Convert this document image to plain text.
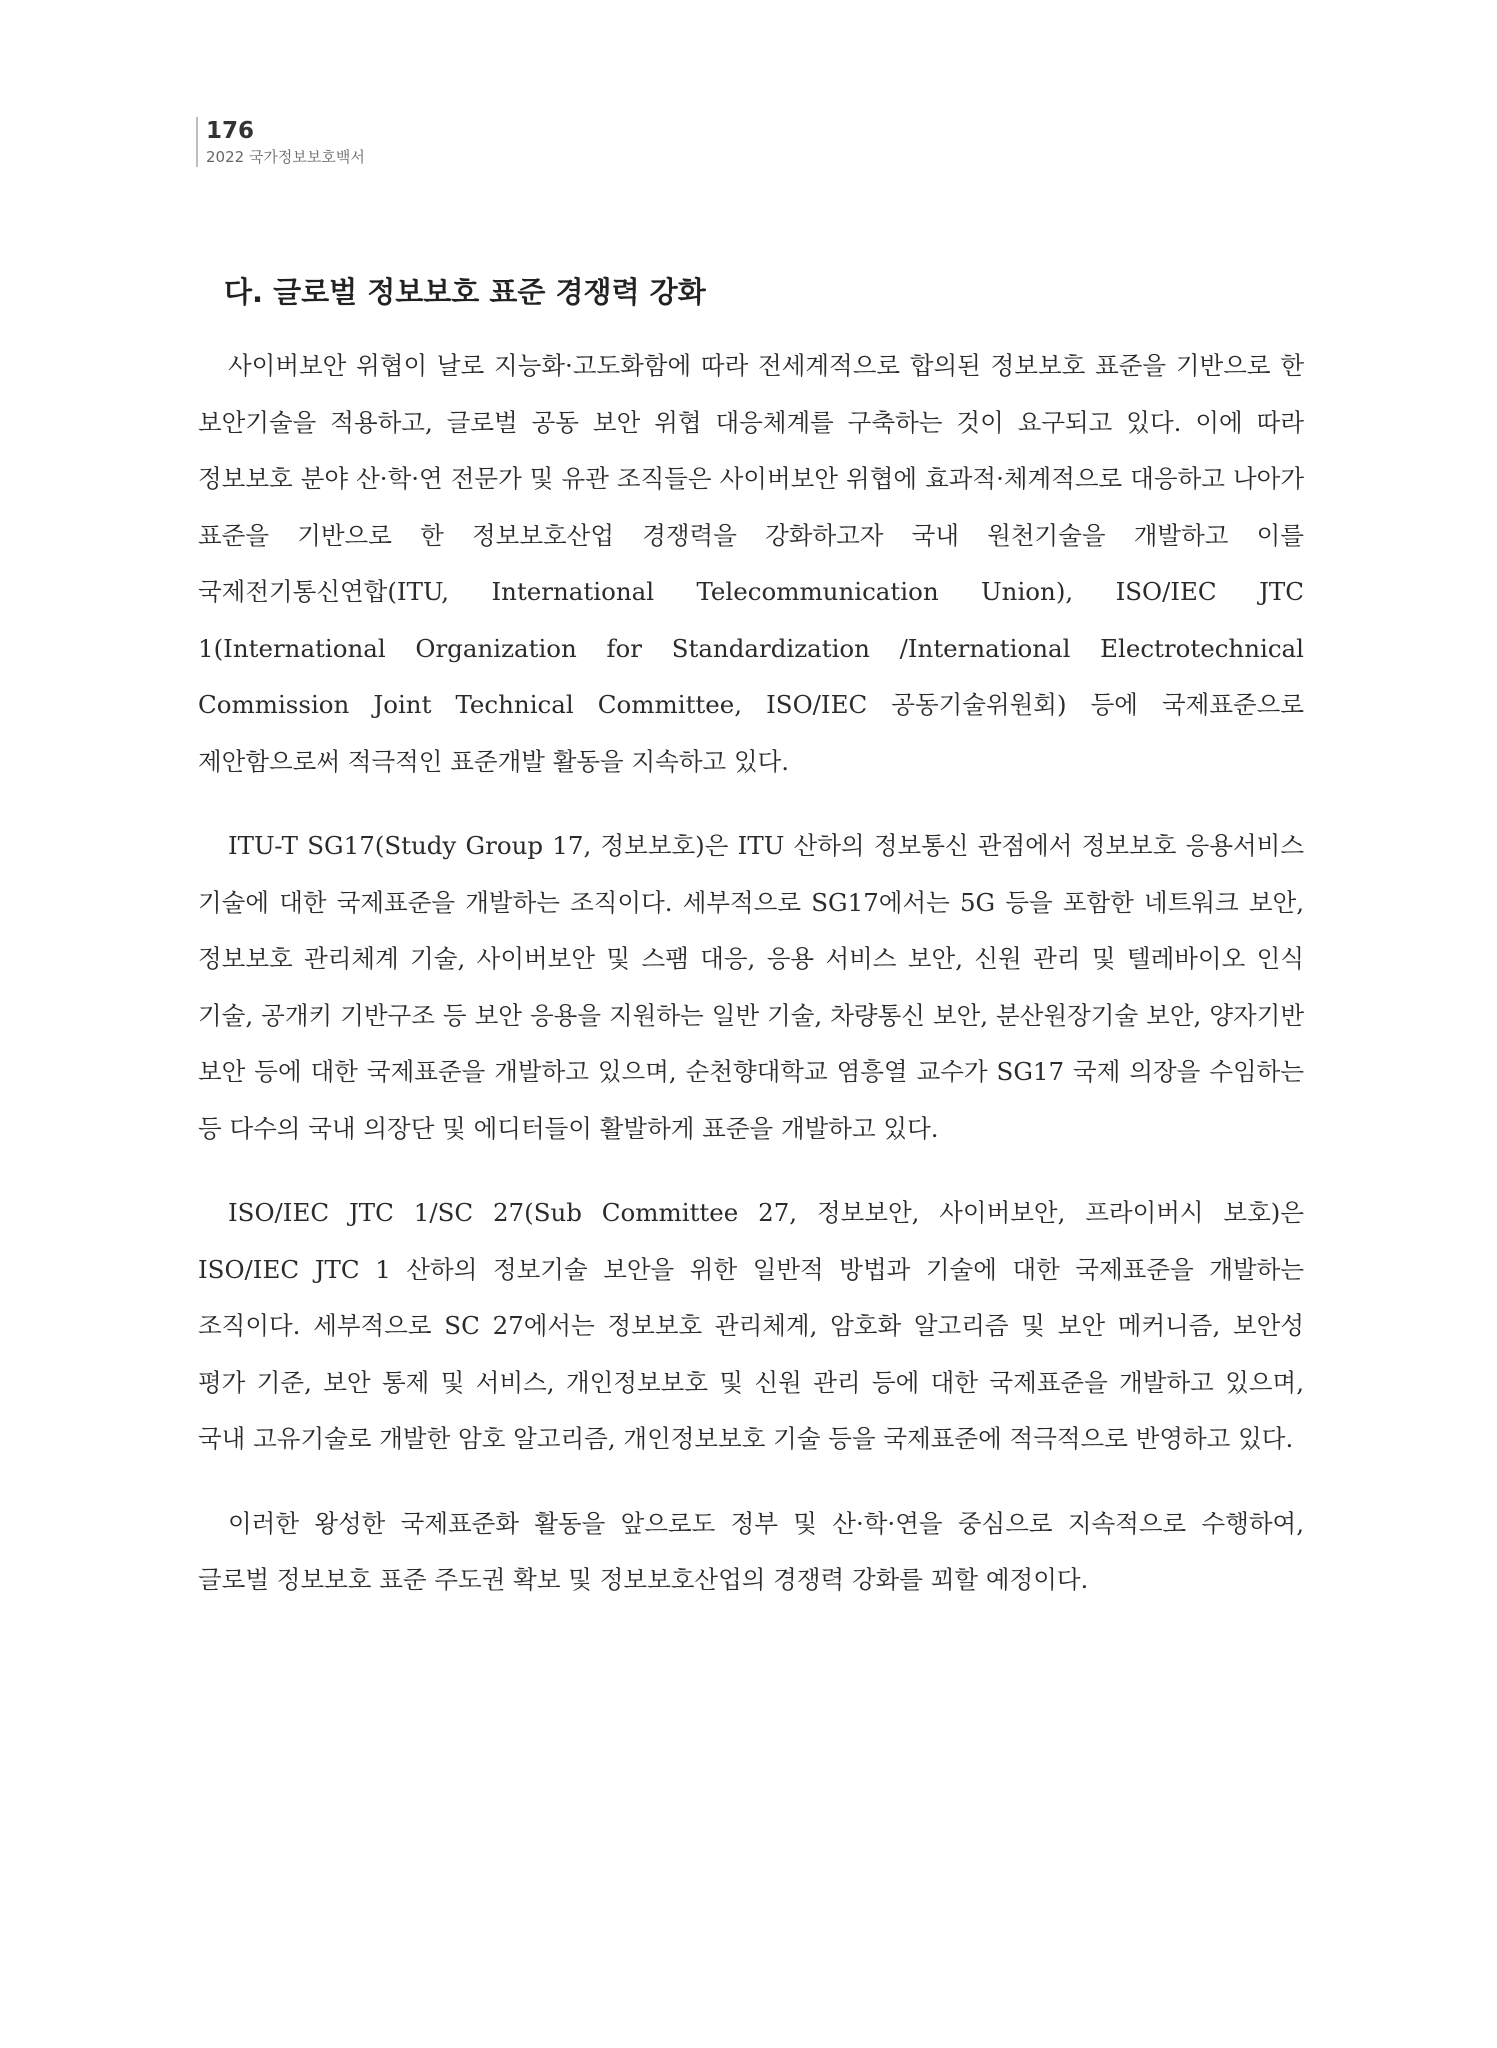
176
2022 국가정보보호백서
다. 글로벌 정보보호 표준 경쟁력 강화

사이버보안 위협이 날로 지능화·고도화함에 따라 전세계적으로 합의된 정보보호 표준을 기반으로 한 보안기술을 적용하고, 글로벌 공동 보안 위협 대응체계를 구축하는 것이 요구되고 있다. 이에 따라 정보보호 분야 산·학·연 전문가 및 유관 조직들은 사이버보안 위협에 효과적·체계적으로 대응하고 나아가 표준을 기반으로 한 정보보호산업 경쟁력을 강화하고자 국내 원천기술을 개발하고 이를 국제전기통신연합(ITU, International Telecommunication Union), ISO/IEC JTC 1(International Organization for Standardization /International Electrotechnical Commission Joint Technical Committee, ISO/IEC 공동기술위원회) 등에 국제표준으로 제안함으로써 적극적인 표준개발 활동을 지속하고 있다.

ITU-T SG17(Study Group 17, 정보보호)은 ITU 산하의 정보통신 관점에서 정보보호 응용서비스 기술에 대한 국제표준을 개발하는 조직이다. 세부적으로 SG17에서는 5G 등을 포함한 네트워크 보안, 정보보호 관리체계 기술, 사이버보안 및 스팸 대응, 응용 서비스 보안, 신원 관리 및 텔레바이오 인식 기술, 공개키 기반구조 등 보안 응용을 지원하는 일반 기술, 차량통신 보안, 분산원장기술 보안, 양자기반 보안 등에 대한 국제표준을 개발하고 있으며, 순천향대학교 염흥열 교수가 SG17 국제 의장을 수임하는 등 다수의 국내 의장단 및 에디터들이 활발하게 표준을 개발하고 있다.

ISO/IEC JTC 1/SC 27(Sub Committee 27, 정보보안, 사이버보안, 프라이버시 보호)은 ISO/IEC JTC 1 산하의 정보기술 보안을 위한 일반적 방법과 기술에 대한 국제표준을 개발하는 조직이다. 세부적으로 SC 27에서는 정보보호 관리체계, 암호화 알고리즘 및 보안 메커니즘, 보안성 평가 기준, 보안 통제 및 서비스, 개인정보보호 및 신원 관리 등에 대한 국제표준을 개발하고 있으며, 국내 고유기술로 개발한 암호 알고리즘, 개인정보보호 기술 등을 국제표준에 적극적으로 반영하고 있다.

이러한 왕성한 국제표준화 활동을 앞으로도 정부 및 산·학·연을 중심으로 지속적으로 수행하여, 글로벌 정보보호 표준 주도권 확보 및 정보보호산업의 경쟁력 강화를 꾀할 예정이다.
